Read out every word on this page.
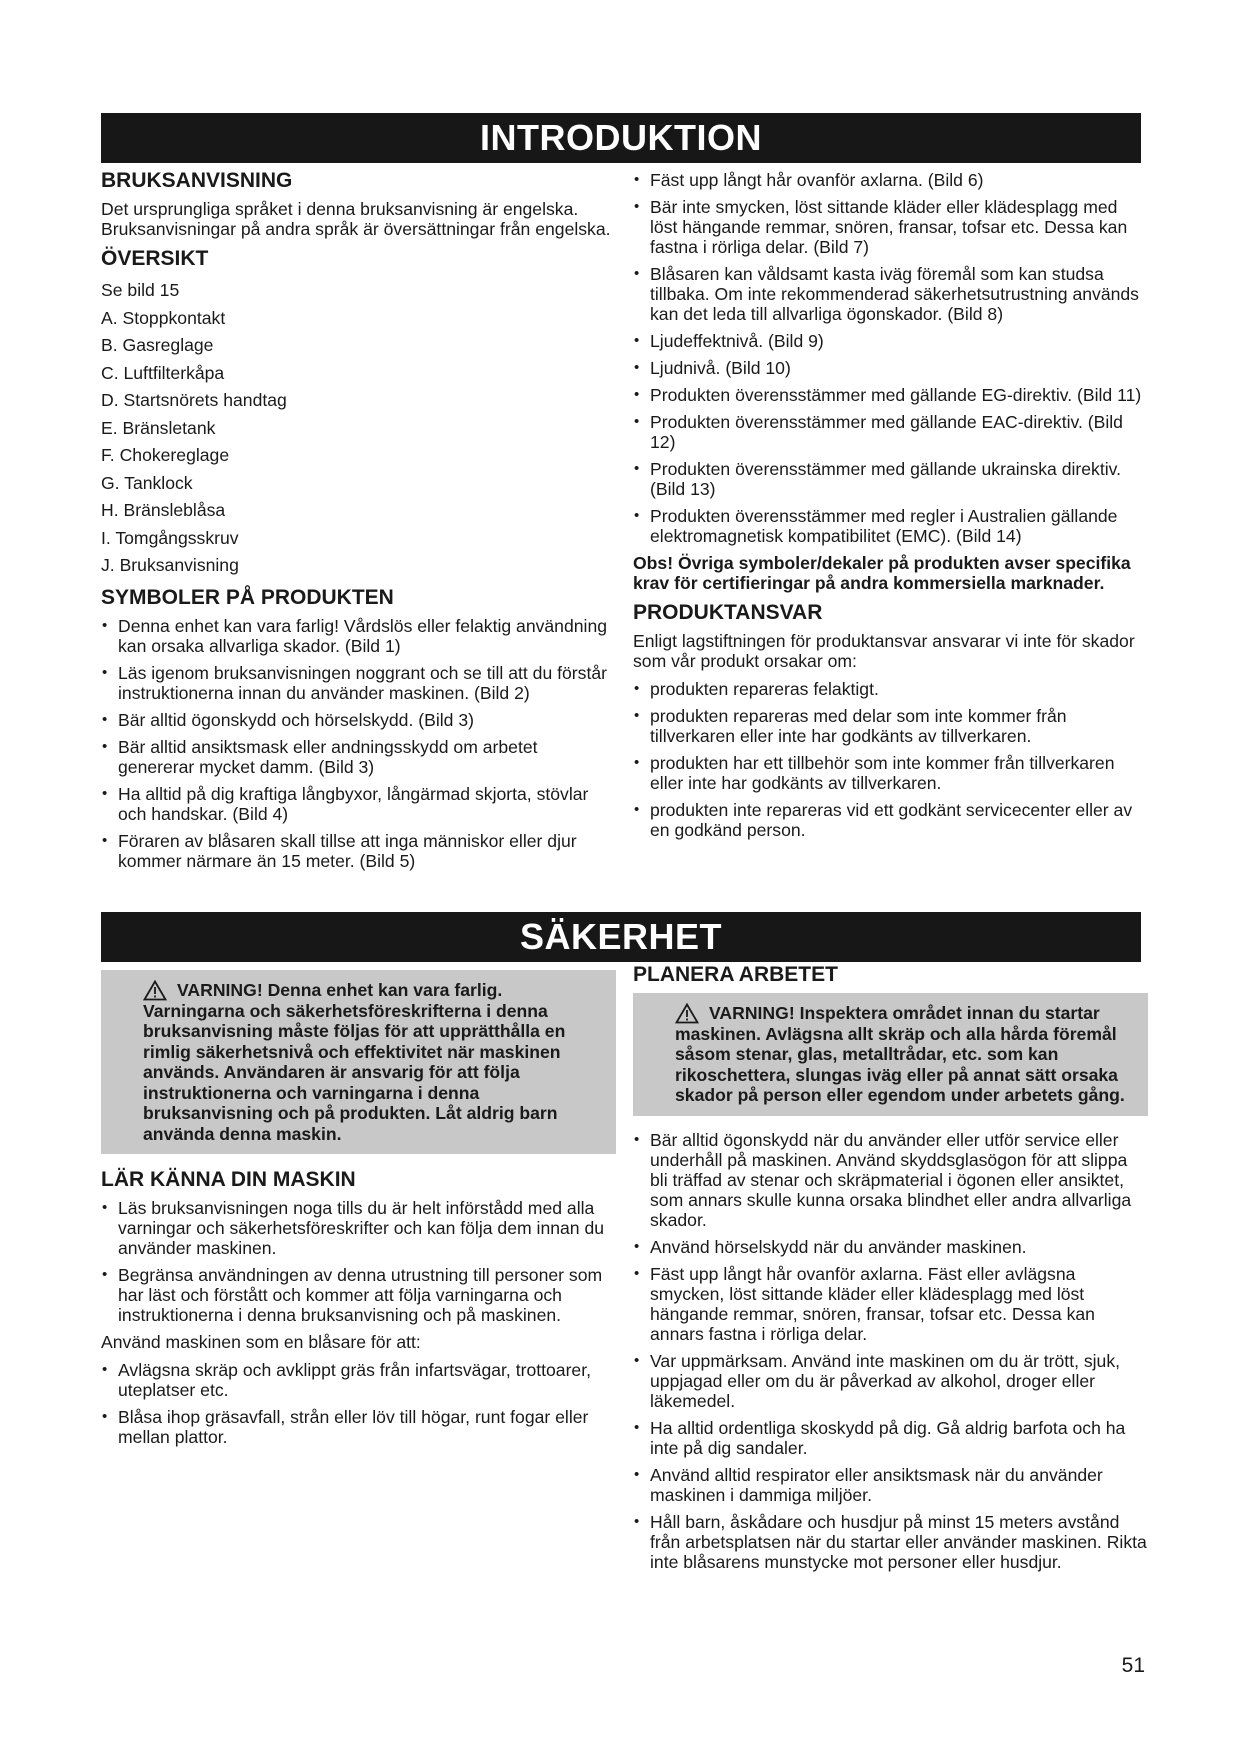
INTRODUKTION
BRUKSANVISNING

Det ursprungliga språket i denna bruksanvisning är engelska. Bruksanvisningar på andra språk är översättningar från engelska.

ÖVERSIKT
Se bild 15
A. Stoppkontakt
B. Gasreglage
C. Luftfilterkåpa
D. Startsnörets handtag
E. Bränsletank
F. Chokereglage
G. Tanklock
H. Bränsleblåsa
I. Tomgångsskruv
J. Bruksanvisning
SYMBOLER PÅ PRODUKTEN
• Denna enhet kan vara farlig! Vårdslös eller felaktig användning kan orsaka allvarliga skador. (Bild 1)
• Läs igenom bruksanvisningen noggrant och se till att du förstår instruktionerna innan du använder maskinen. (Bild 2)
• Bär alltid ögonskydd och hörselskydd. (Bild 3)
• Bär alltid ansiktsmask eller andningsskydd om arbetet genererar mycket damm. (Bild 3)
• Ha alltid på dig kraftiga långbyxor, långärmad skjorta, stövlar och handskar. (Bild 4)
• Föraren av blåsaren skall tillse att inga människor eller djur kommer närmare än 15 meter. (Bild 5)
• Fäst upp långt hår ovanför axlarna. (Bild 6)
• Bär inte smycken, löst sittande kläder eller klädesplagg med löst hängande remmar, snören, fransar, tofsar etc. Dessa kan fastna i rörliga delar. (Bild 7)
• Blåsaren kan våldsamt kasta iväg föremål som kan studsa tillbaka. Om inte rekommenderad säkerhetsutrustning används kan det leda till allvarliga ögonskador. (Bild 8)
• Ljudeffektnivå. (Bild 9)
• Ljudnivå. (Bild 10)
• Produkten överensstämmer med gällande EG-direktiv. (Bild 11)
• Produkten överensstämmer med gällande EAC-direktiv. (Bild 12)
• Produkten överensstämmer med gällande ukrainska direktiv. (Bild 13)
• Produkten överensstämmer med regler i Australien gällande elektromagnetisk kompatibilitet (EMC). (Bild 14)

Obs! Övriga symboler/dekaler på produkten avser specifika krav för certifieringar på andra kommersiella marknader.

PRODUKTANSVAR

Enligt lagstiftningen för produktansvar ansvarar vi inte för skador som vår produkt orsakar om:

• produkten repareras felaktigt.
• produkten repareras med delar som inte kommer från tillverkaren eller inte har godkänts av tillverkaren.
• produkten har ett tillbehör som inte kommer från tillverkaren eller inte har godkänts av tillverkaren.
• produkten inte repareras vid ett godkänt servicecenter eller av en godkänd person.
SÄKERHET
VARNING! Denna enhet kan vara farlig. Varningarna och säkerhetsföreskrifterna i denna bruksanvisning måste följas för att upprätthålla en rimlig säkerhetsnivå och effektivitet när maskinen används. Användaren är ansvarig för att följa instruktionerna och varningarna i denna bruksanvisning och på produkten. Låt aldrig barn använda denna maskin.
LÄR KÄNNA DIN MASKIN
• Läs bruksanvisningen noga tills du är helt införstådd med alla varningar och säkerhetsföreskrifter och kan följa dem innan du använder maskinen.
• Begränsa användningen av denna utrustning till personer som har läst och förstått och kommer att följa varningarna och instruktionerna i denna bruksanvisning och på maskinen.

Använd maskinen som en blåsare för att:

• Avlägsna skräp och avklippt gräs från infartsvägar, trottoarer, uteplatser etc.
• Blåsa ihop gräsavfall, strån eller löv till högar, runt fogar eller mellan plattor.
PLANERA ARBETET
VARNING! Inspektera området innan du startar maskinen. Avlägsna allt skräp och alla hårda föremål såsom stenar, glas, metalltrådar, etc. som kan rikoschettera, slungas iväg eller på annat sätt orsaka skador på person eller egendom under arbetets gång.
• Bär alltid ögonskydd när du använder eller utför service eller underhåll på maskinen. Använd skyddsglasögon för att slippa bli träffad av stenar och skräpmaterial i ögonen eller ansiktet, som annars skulle kunna orsaka blindhet eller andra allvarliga skador.
• Använd hörselskydd när du använder maskinen.
• Fäst upp långt hår ovanför axlarna. Fäst eller avlägsna smycken, löst sittande kläder eller klädesplagg med löst hängande remmar, snören, fransar, tofsar etc. Dessa kan annars fastna i rörliga delar.
• Var uppmärksam. Använd inte maskinen om du är trött, sjuk, uppjagad eller om du är påverkad av alkohol, droger eller läkemedel.
• Ha alltid ordentliga skoskydd på dig. Gå aldrig barfota och ha inte på dig sandaler.
• Använd alltid respirator eller ansiktsmask när du använder maskinen i dammiga miljöer.
• Håll barn, åskådare och husdjur på minst 15 meters avstånd från arbetsplatsen när du startar eller använder maskinen. Rikta inte blåsarens munstycke mot personer eller husdjur.
51
